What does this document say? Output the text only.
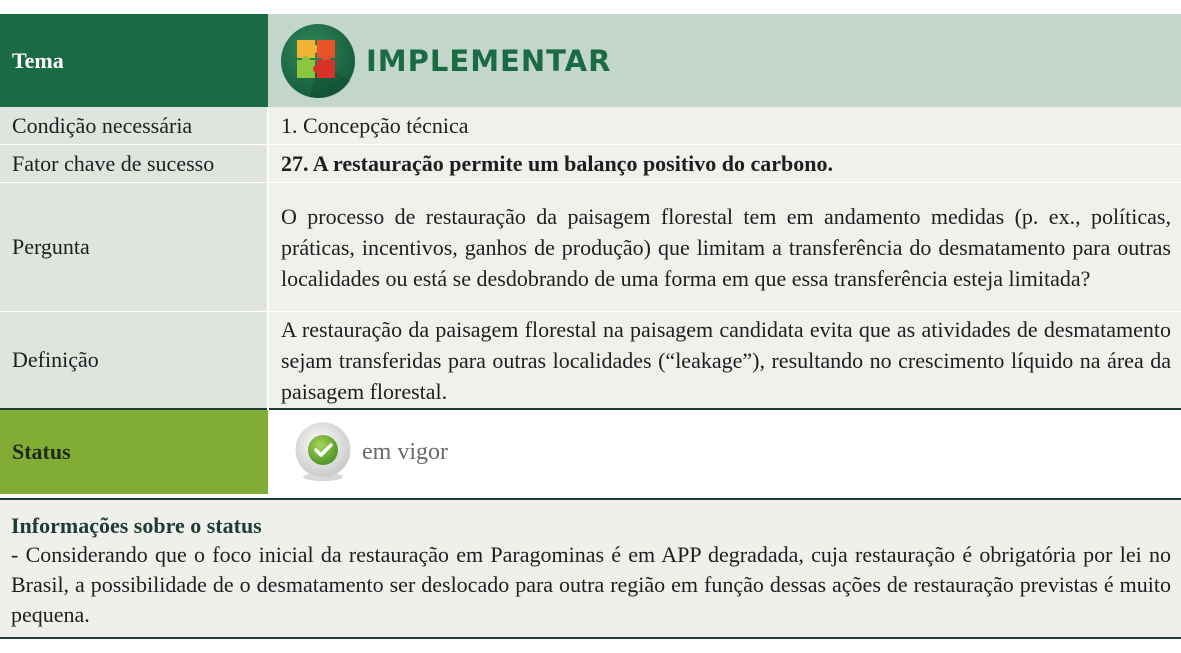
Tema	IMPLEMENTAR

Condição necessária	1. Concepção técnica
Fator chave de sucesso	27. A restauração permite um balanço positivo do carbono.
Pergunta	O processo de restauração da paisagem florestal tem em andamento medidas (p. ex., políticas, práticas, incentivos, ganhos de produção) que limitam a transferência do desmatamento para outras localidades ou está se desdobrando de uma forma em que essa transferência esteja limitada?
Definição	A restauração da paisagem florestal na paisagem candidata evita que as atividades de desmatamento sejam transferidas para outras localidades (“leakage”), resultando no crescimento líquido na área da paisagem florestal.
Status	em vigor
Informações sobre o status
- Considerando que o foco inicial da restauração em Paragominas é em APP degradada, cuja restauração é obrigatória por lei no Brasil, a possibilidade de o desmatamento ser deslocado para outra região em função dessas ações de restauração previstas é muito pequena.
